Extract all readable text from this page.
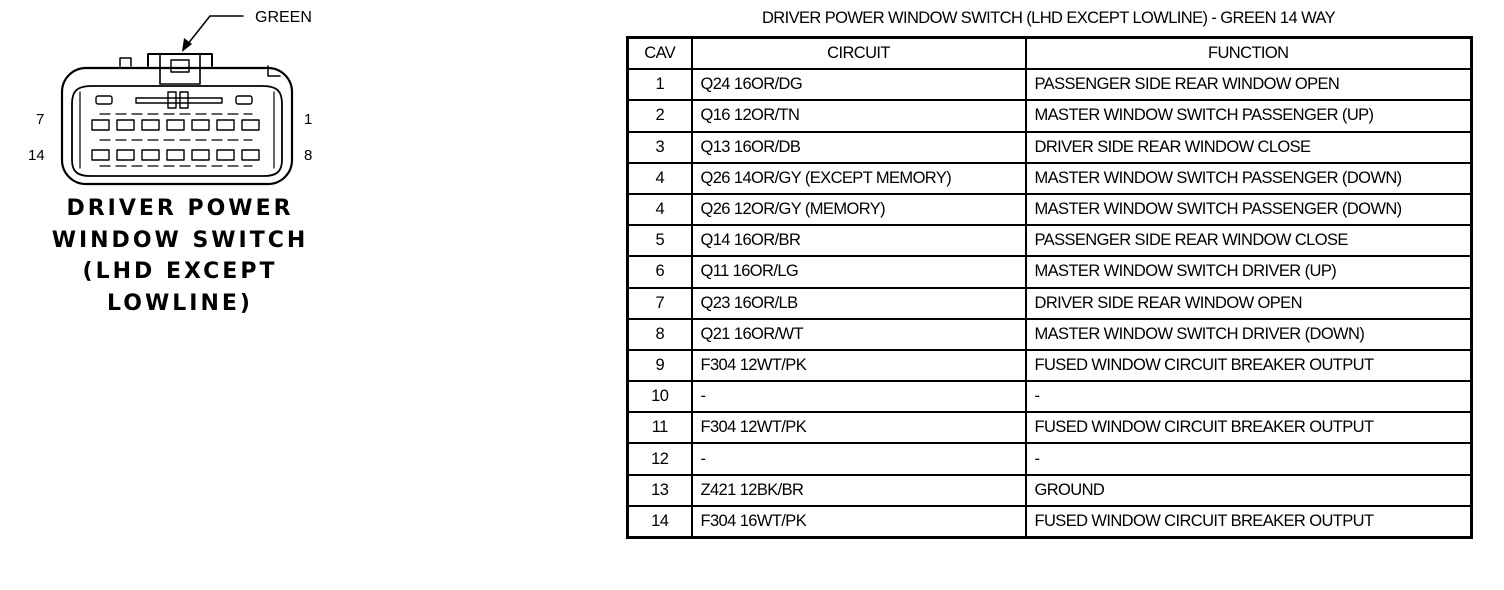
GREEN
7	1
14	8
DRIVER POWER
WINDOW SWITCH
(LHD EXCEPT
LOWLINE)
DRIVER POWER WINDOW SWITCH (LHD EXCEPT LOWLINE) - GREEN 14 WAY
CAV	CIRCUIT	FUNCTION
1	Q24 16OR/DG	PASSENGER SIDE REAR WINDOW OPEN
2	Q16 12OR/TN	MASTER WINDOW SWITCH PASSENGER (UP)
3	Q13 16OR/DB	DRIVER SIDE REAR WINDOW CLOSE
4	Q26 14OR/GY (EXCEPT MEMORY)	MASTER WINDOW SWITCH PASSENGER (DOWN)
4	Q26 12OR/GY (MEMORY)	MASTER WINDOW SWITCH PASSENGER (DOWN)
5	Q14 16OR/BR	PASSENGER SIDE REAR WINDOW CLOSE
6	Q11 16OR/LG	MASTER WINDOW SWITCH DRIVER (UP)
7	Q23 16OR/LB	DRIVER SIDE REAR WINDOW OPEN
8	Q21 16OR/WT	MASTER WINDOW SWITCH DRIVER (DOWN)
9	F304 12WT/PK	FUSED WINDOW CIRCUIT BREAKER OUTPUT
10	-	-
11	F304 12WT/PK	FUSED WINDOW CIRCUIT BREAKER OUTPUT
12	-	-
13	Z421 12BK/BR	GROUND
14	F304 16WT/PK	FUSED WINDOW CIRCUIT BREAKER OUTPUT
